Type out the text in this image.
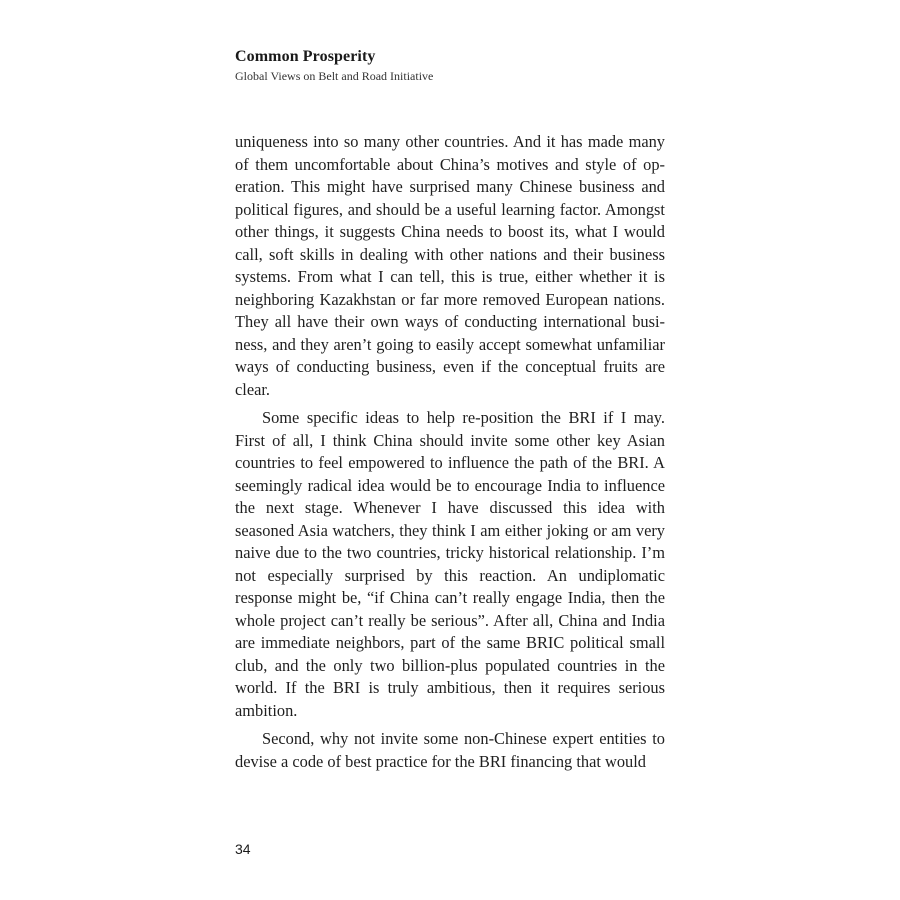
Common Prosperity
Global Views on Belt and Road Initiative

uniqueness into so many other countries. And it has made many of them uncomfortable about China’s motives and style of operation. This might have surprised many Chinese business and political figures, and should be a useful learning factor. Amongst other things, it suggests China needs to boost its, what I would call, soft skills in dealing with other nations and their business systems. From what I can tell, this is true, either whether it is neighboring Kazakhstan or far more removed European nations. They all have their own ways of conducting international business, and they aren’t going to easily accept somewhat unfamiliar ways of conducting business, even if the conceptual fruits are clear.

Some specific ideas to help re-position the BRI if I may. First of all, I think China should invite some other key Asian countries to feel empowered to influence the path of the BRI. A seemingly radical idea would be to encourage India to influence the next stage. Whenever I have discussed this idea with seasoned Asia watchers, they think I am either joking or am very naive due to the two countries, tricky historical relationship. I’m not especially surprised by this reaction. An undiplomatic response might be, “if China can’t really engage India, then the whole project can’t really be serious”. After all, China and India are immediate neighbors, part of the same BRIC political small club, and the only two billion-plus populated countries in the world. If the BRI is truly ambitious, then it requires serious ambition.

Second, why not invite some non-Chinese expert entities to devise a code of best practice for the BRI financing that would

34
